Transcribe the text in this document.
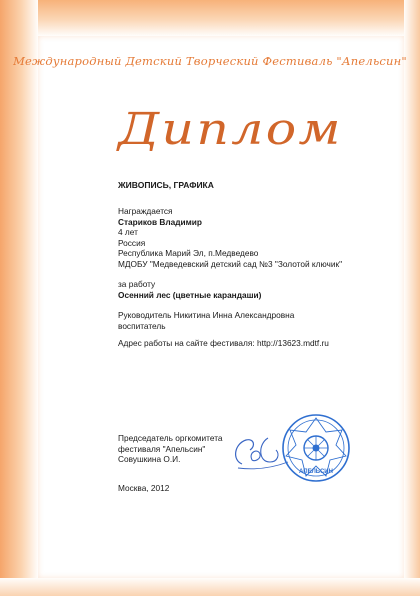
Международный Детский Творческий Фестиваль "Апельсин"
Диплом
ЖИВОПИСЬ, ГРАФИКА
Награждается
Стариков Владимир
4 лет
Россия
Республика Марий Эл, п.Медведево
МДОБУ "Медведевский детский сад №3 "Золотой ключик"
за работу
Осенний лес (цветные карандаши)
Руководитель Никитина Инна Александровна
воспитатель
Адрес работы на сайте фестиваля: http://13623.mdtf.ru
Председатель оргкомитета
фестиваля "Апельсин"
Совушкина О.И.
Москва, 2012
АПЕЛЬСИН
